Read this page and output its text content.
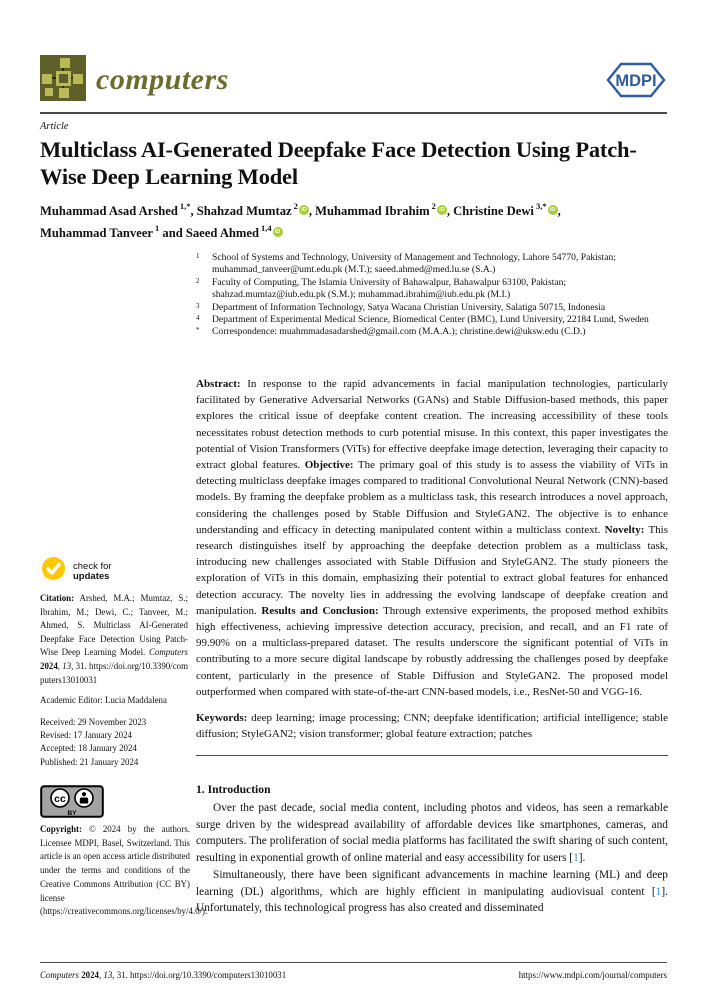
computers	MDPI
Article
Multiclass AI-Generated Deepfake Face Detection Using Patch-Wise Deep Learning Model
Muhammad Asad Arshed $^{1,*}$, Shahzad Mumtaz $^2$ iD , Muhammad Ibrahim $^2$ iD , Christine Dewi $^{3,*}$ iD ,
Muhammad Tanveer $^1$ and Saeed Ahmed $^{1,4}$ iD
1	School of Systems and Technology, University of Management and Technology, Lahore 54770, Pakistan; muhammad_tanveer@umt.edu.pk (M.T.); saeed.ahmed@med.lu.se (S.A.)
2	Faculty of Computing, The Islamia University of Bahawalpur, Bahawalpur 63100, Pakistan; shahzad.mumtaz@iub.edu.pk (S.M.); muhammad.ibrahim@iub.edu.pk (M.I.)
3	Department of Information Technology, Satya Wacana Christian University, Salatiga 50715, Indonesia
4	Department of Experimental Medical Science, Biomedical Center (BMC), Lund University, 22184 Lund, Sweden
*	Correspondence: muahmmadasadarshed@gmail.com (M.A.A.); christine.dewi@uksw.edu (C.D.)
Abstract: In response to the rapid advancements in facial manipulation technologies, particularly facilitated by Generative Adversarial Networks (GANs) and Stable Diffusion-based methods, this paper explores the critical issue of deepfake content creation. The increasing accessibility of these tools necessitates robust detection methods to curb potential misuse. In this context, this paper investigates the potential of Vision Transformers (ViTs) for effective deepfake image detection, leveraging their capacity to extract global features. Objective: The primary goal of this study is to assess the viability of ViTs in detecting multiclass deepfake images compared to traditional Convolutional Neural Network (CNN)-based models. By framing the deepfake problem as a multiclass task, this research introduces a novel approach, considering the challenges posed by Stable Diffusion and StyleGAN2. The objective is to enhance understanding and efficacy in detecting manipulated content within a multiclass context. Novelty: This research distinguishes itself by approaching the deepfake detection problem as a multiclass task, introducing new challenges associated with Stable Diffusion and StyleGAN2. The study pioneers the exploration of ViTs in this domain, emphasizing their potential to extract global features for enhanced detection accuracy. The novelty lies in addressing the evolving landscape of deepfake creation and manipulation. Results and Conclusion: Through extensive experiments, the proposed method exhibits high effectiveness, achieving impressive detection accuracy, precision, and recall, and an F1 rate of 99.90% on a multiclass-prepared dataset. The results underscore the significant potential of ViTs in contributing to a more secure digital landscape by robustly addressing the challenges posed by deepfake content, particularly in the presence of Stable Diffusion and StyleGAN2. The proposed model outperformed when compared with state-of-the-art CNN-based models, i.e., ResNet-50 and VGG-16.
Keywords: deep learning; image processing; CNN; deepfake identification; artificial intelligence; stable diffusion; StyleGAN2; vision transformer; global feature extraction; patches
1. Introduction

Over the past decade, social media content, including photos and videos, has seen a remarkable surge driven by the widespread availability of affordable devices like smartphones, cameras, and computers. The proliferation of social media platforms has facilitated the swift sharing of such content, resulting in exponential growth of online material and easy accessibility for users [1].

Simultaneously, there have been significant advancements in machine learning (ML) and deep learning (DL) algorithms, which are highly efficient in manipulating audiovisual content [1]. Unfortunately, this technological progress has also created and disseminated

check for
updates
Citation: Arshed, M.A.; Mumtaz, S.; Ibrahim, M.; Dewi, C.; Tanveer, M.; Ahmed, S. Multiclass AI-Generated Deepfake Face Detection Using Patch-Wise Deep Learning Model. Computers 2024, 13, 31. https://doi.org/10.3390/computers13010031
Academic Editor: Lucia Maddalena
Received: 29 November 2023
Revised: 17 January 2024
Accepted: 18 January 2024
Published: 21 January 2024
cc
BY
Copyright: © 2024 by the authors. Licensee MDPI, Basel, Switzerland. This article is an open access article distributed under the terms and conditions of the Creative Commons Attribution (CC BY) license (https://creativecommons.org/licenses/by/4.0/).
Computers 2024, 13, 31. https://doi.org/10.3390/computers13010031	https://www.mdpi.com/journal/computers
